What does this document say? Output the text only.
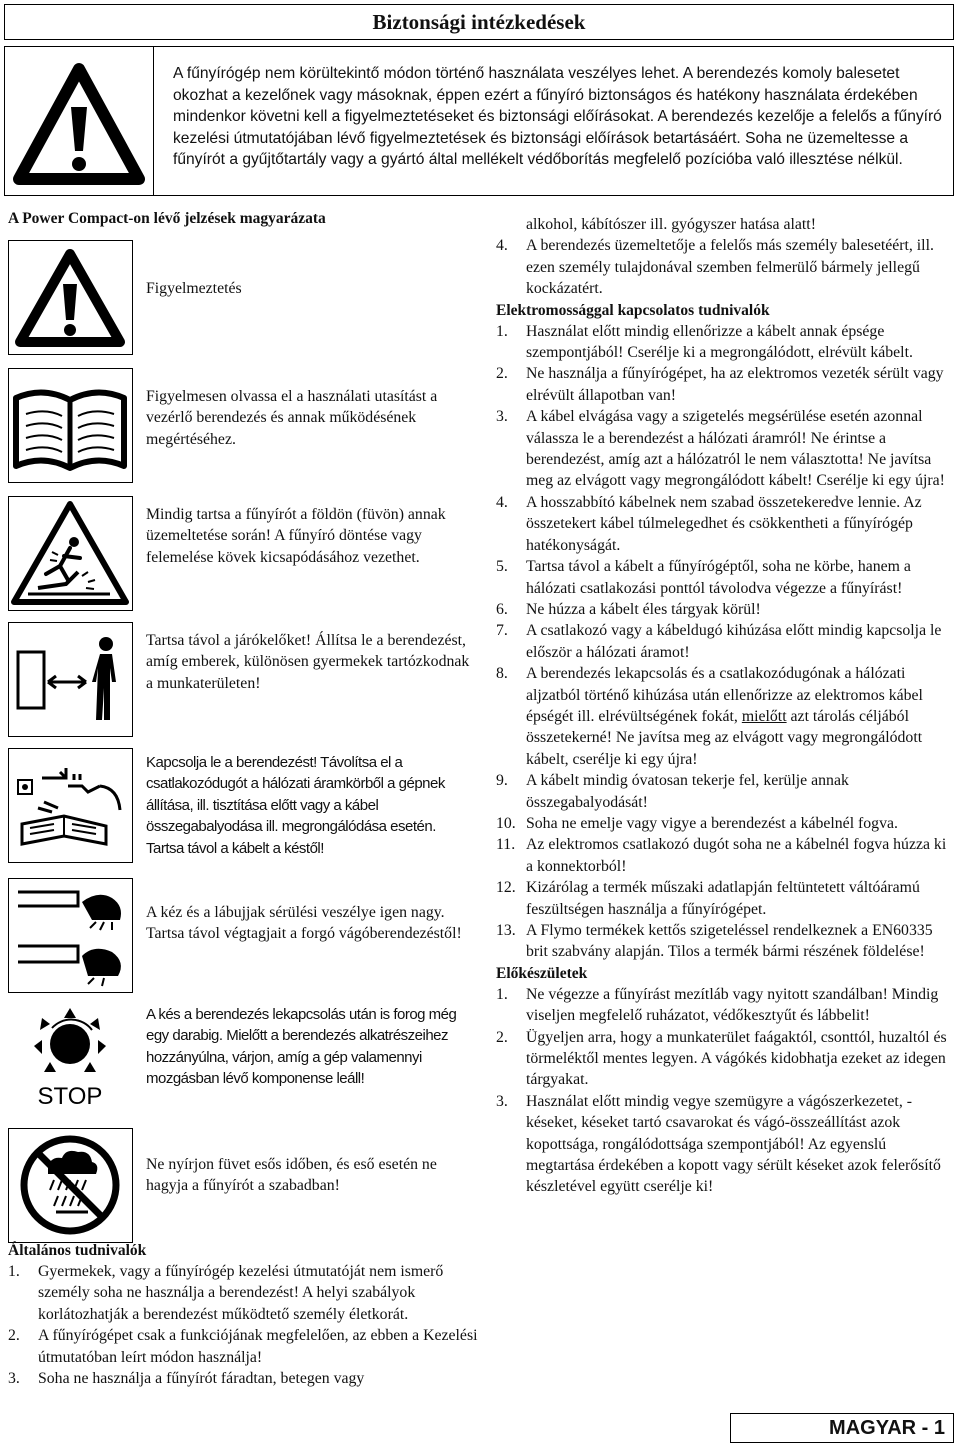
Biztonsági intézkedések
A fűnyírógép nem körültekintő módon történő használata veszélyes lehet. A berendezés komoly balesetet okozhat a kezelőnek vagy másoknak, éppen ezért a fűnyíró biztonságos és hatékony használata érdekében mindenkor követni kell a figyelmeztetéseket és biztonsági előírásokat. A berendezés kezelője a felelős a fűnyíró kezelési útmutatójában lévő figyelmeztetések és biztonsági előírások betartásáért. Soha ne üzemeltesse a fűnyírót a gyűjtőtartály vagy a gyártó által mellékelt védőborítás megfelelő pozícióba való illesztése nélkül.
A Power Compact-on lévő jelzések magyarázata
Figyelmeztetés
Figyelmesen olvassa el a használati utasítást a vezérlő berendezés és annak működésének megértéséhez.
Mindig tartsa a fűnyírót a földön (füvön) annak üzemeltetése során! A fűnyíró döntése vagy felemelése kövek kicsapódásához vezethet.
Tartsa távol a járókelőket! Állítsa le a berendezést, amíg emberek, különösen gyermekek tartózkodnak a munkaterületen!
Kapcsolja le a berendezést! Távolítsa el a csatlakozódugót a hálózati áramkörből a gépnek állítása, ill. tisztítása előtt vagy a kábel összegabalyodása ill. megrongálódása esetén. Tartsa távol a kábelt a késtől!
A kéz és a lábujjak sérülési veszélye igen nagy. Tartsa távol végtagjait a forgó vágóberendezéstől!
STOP
A kés a berendezés lekapcsolás után is forog még egy darabig. Mielőtt a berendezés alkatrészeihez hozzányúlna, várjon, amíg a gép valamennyi mozgásban lévő komponense leáll!
Ne nyírjon füvet esős időben, és eső esetén ne hagyja a fűnyírót a szabadban!
Általános tudnivalók
1. Gyermekek, vagy a fűnyírógép kezelési útmutatóját nem ismerő személy soha ne használja a berendezést! A helyi szabályok korlátozhatják a berendezést működtető személy életkorát.
2. A fűnyírógépet csak a funkciójának megfelelően, az ebben a Kezelési útmutatóban leírt módon használja!
3. Soha ne használja a fűnyírót fáradtan, betegen vagy
alkohol, kábítószer ill. gyógyszer hatása alatt!
4. A berendezés üzemeltetője a felelős más személy balesetéért, ill. ezen személy tulajdonával szemben felmerülő bármely jellegű kockázatért.
Elektromossággal kapcsolatos tudnivalók
1. Használat előtt mindig ellenőrizze a kábelt annak épsége szempontjából! Cserélje ki a megrongálódott, elrévült kábelt.
2. Ne használja a fűnyírógépet, ha az elektromos vezeték sérült vagy elrévült állapotban van!
3. A kábel elvágása vagy a szigetelés megsérülése esetén azonnal válassza le a berendezést a hálózati áramról! Ne érintse a berendezést, amíg azt a hálózatról le nem választotta! Ne javítsa meg az elvágott vagy megrongálódott kábelt! Cserélje ki egy újra!
4. A hosszabbító kábelnek nem szabad összetekeredve lennie. Az összetekert kábel túlmelegedhet és csökkentheti a fűnyírógép hatékonyságát.
5. Tartsa távol a kábelt a fűnyírógéptől, soha ne körbe, hanem a hálózati csatlakozási ponttól távolodva végezze a fűnyírást!
6. Ne húzza a kábelt éles tárgyak körül!
7. A csatlakozó vagy a kábeldugó kihúzása előtt mindig kapcsolja le először a hálózati áramot!
8. A berendezés lekapcsolás és a csatlakozódugónak a hálózati aljzatból történő kihúzása után ellenőrizze az elektromos kábel épségét ill. elrévültségének fokát, mielőtt azt tárolás céljából összetekerné! Ne javítsa meg az elvágott vagy megrongálódott kábelt, cserélje ki egy újra!
9. A kábelt mindig óvatosan tekerje fel, kerülje annak összegabalyodását!
10. Soha ne emelje vagy vigye a berendezést a kábelnél fogva.
11. Az elektromos csatlakozó dugót soha ne a kábelnél fogva húzza ki a konnektorból!
12. Kizárólag a termék műszaki adatlapján feltüntetett váltóáramú feszültségen használja a fűnyírógépet.
13. A Flymo termékek kettős szigeteléssel rendelkeznek a EN60335 brit szabvány alapján. Tilos a termék bármi részének földelése!
Előkészületek
1. Ne végezze a fűnyírást mezítláb vagy nyitott szandálban! Mindig viseljen megfelelő ruházatot, védőkesztyűt és lábbelit!
2. Ügyeljen arra, hogy a munkaterület faágaktól, csonttól, huzaltól és törmeléktől mentes legyen. A vágókés kidobhatja ezeket az idegen tárgyakat.
3. Használat előtt mindig vegye szemügyre a vágószerkezetet, - késeket, késeket tartó csavarokat és vágó-összeállítást azok kopottsága, rongálódottsága szempontjából! Az egyenslú megtartása érdekében a kopott vagy sérült késeket azok felerősítő készletével együtt cserélje ki!
MAGYAR - 1
